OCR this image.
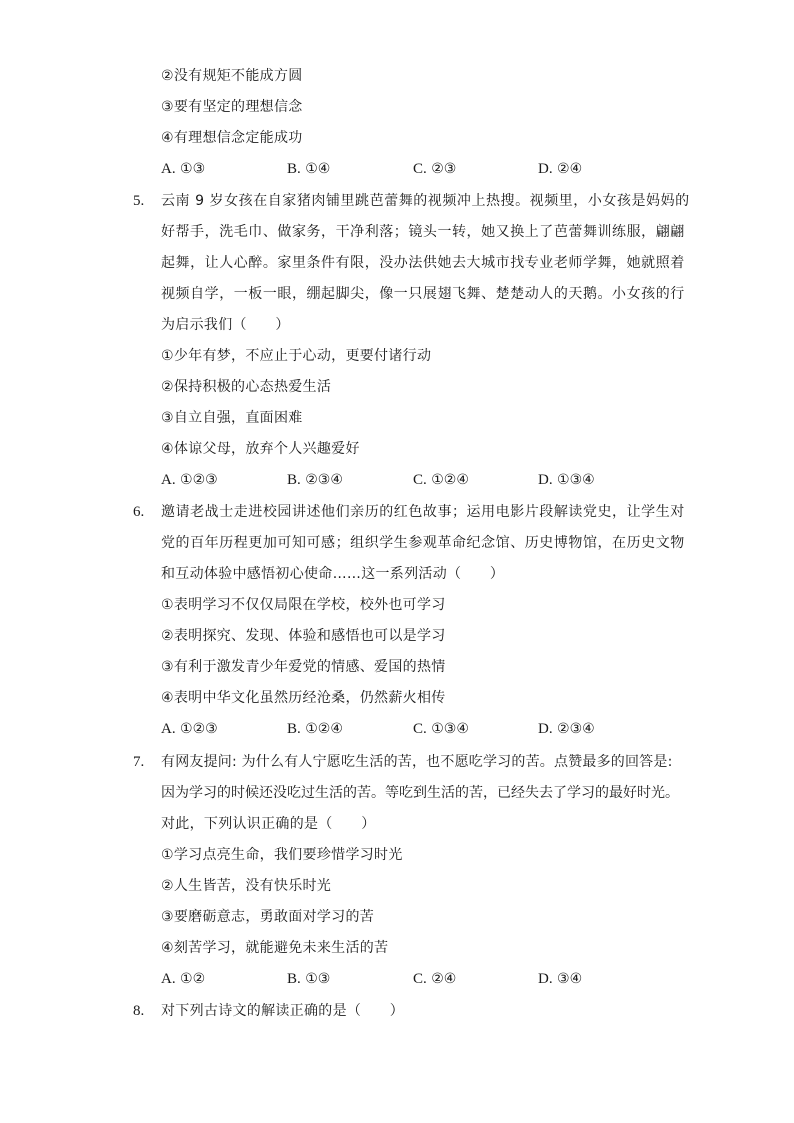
②没有规矩不能成方圆
③要有坚定的理想信念
④有理想信念定能成功
A. ①③	B. ①④	C. ②③	D. ②④
5. 云南 9 岁女孩在自家猪肉铺里跳芭蕾舞的视频冲上热搜。视频里，小女孩是妈妈的
好帮手，洗毛巾、做家务，干净利落；镜头一转，她又换上了芭蕾舞训练服，翩翩
起舞，让人心醉。家里条件有限，没办法供她去大城市找专业老师学舞，她就照着
视频自学，一板一眼，绷起脚尖，像一只展翅飞舞、楚楚动人的天鹅。小女孩的行
为启示我们（　　）
①少年有梦，不应止于心动，更要付诸行动
②保持积极的心态热爱生活
③自立自强，直面困难
④体谅父母，放弃个人兴趣爱好
A. ①②③	B. ②③④	C. ①②④	D. ①③④
6. 邀请老战士走进校园讲述他们亲历的红色故事；运用电影片段解读党史，让学生对
党的百年历程更加可知可感；组织学生参观革命纪念馆、历史博物馆，在历史文物
和互动体验中感悟初心使命……这一系列活动（　　）
①表明学习不仅仅局限在学校，校外也可学习
②表明探究、发现、体验和感悟也可以是学习
③有利于激发青少年爱党的情感、爱国的热情
④表明中华文化虽然历经沧桑，仍然薪火相传
A. ①②③	B. ①②④	C. ①③④	D. ②③④
7. 有网友提问: 为什么有人宁愿吃生活的苦，也不愿吃学习的苦。点赞最多的回答是:
因为学习的时候还没吃过生活的苦。等吃到生活的苦，已经失去了学习的最好时光。
对此，下列认识正确的是（　　）
①学习点亮生命，我们要珍惜学习时光
②人生皆苦，没有快乐时光
③要磨砺意志，勇敢面对学习的苦
④刻苦学习，就能避免未来生活的苦
A. ①②	B. ①③	C. ②④	D. ③④
8. 对下列古诗文的解读正确的是（　　）
